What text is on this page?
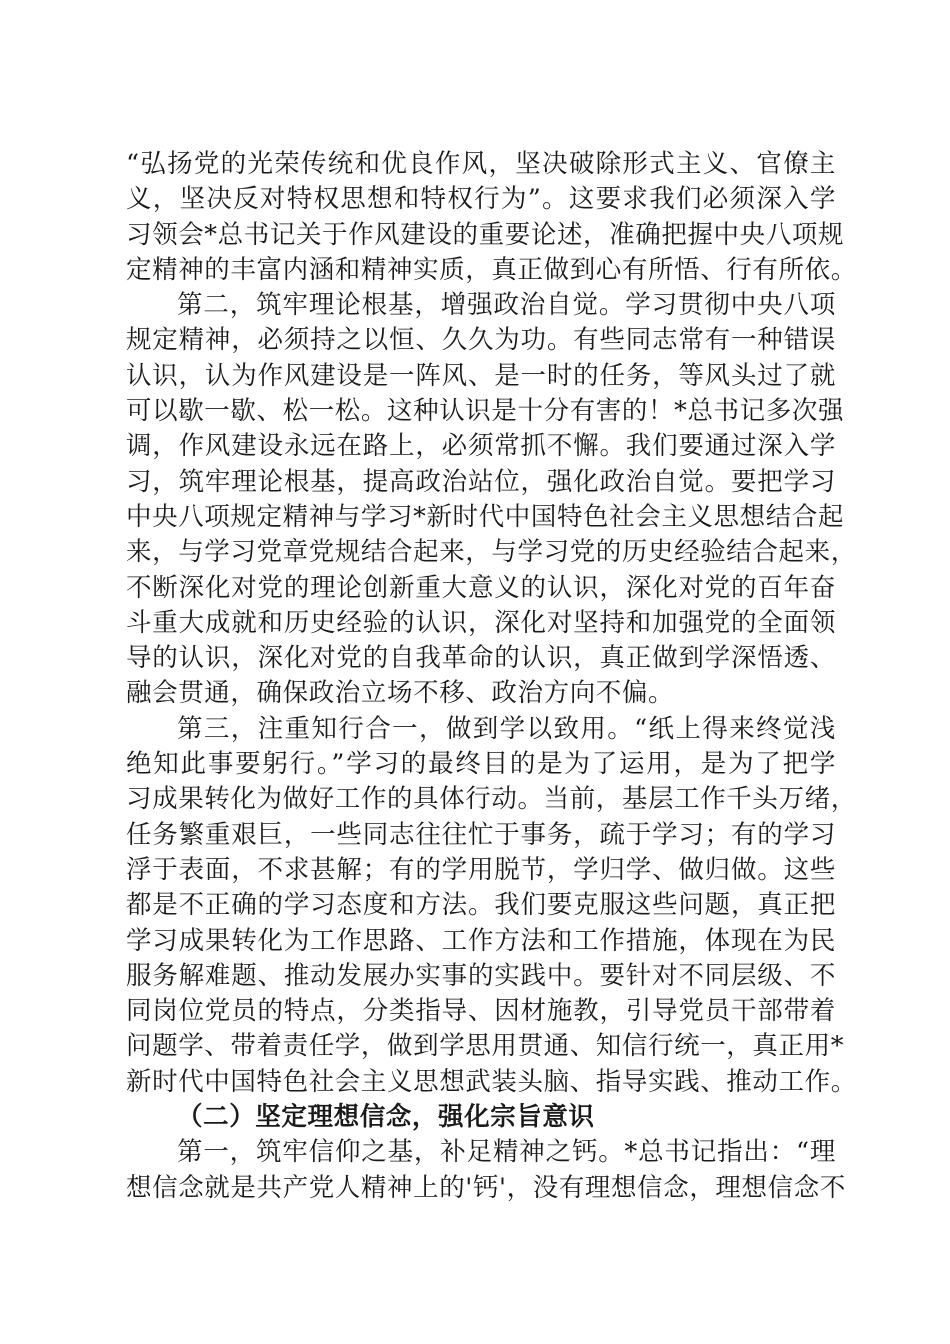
“弘扬党的光荣传统和优良作风，坚决破除形式主义、官僚主
义，坚决反对特权思想和特权行为”。这要求我们必须深入学
习领会*总书记关于作风建设的重要论述，准确把握中央八项规
定精神的丰富内涵和精神实质，真正做到心有所悟、行有所依。
第二，筑牢理论根基，增强政治自觉。学习贯彻中央八项
规定精神，必须持之以恒、久久为功。有些同志常有一种错误
认识，认为作风建设是一阵风、是一时的任务，等风头过了就
可以歇一歇、松一松。这种认识是十分有害的！*总书记多次强
调，作风建设永远在路上，必须常抓不懈。我们要通过深入学
习，筑牢理论根基，提高政治站位，强化政治自觉。要把学习
中央八项规定精神与学习*新时代中国特色社会主义思想结合起
来，与学习党章党规结合起来，与学习党的历史经验结合起来，
不断深化对党的理论创新重大意义的认识，深化对党的百年奋
斗重大成就和历史经验的认识，深化对坚持和加强党的全面领
导的认识，深化对党的自我革命的认识，真正做到学深悟透、
融会贯通，确保政治立场不移、政治方向不偏。
第三，注重知行合一，做到学以致用。“纸上得来终觉浅
绝知此事要躬行。”学习的最终目的是为了运用，是为了把学
习成果转化为做好工作的具体行动。当前，基层工作千头万绪，
任务繁重艰巨，一些同志往往忙于事务，疏于学习；有的学习
浮于表面，不求甚解；有的学用脱节，学归学、做归做。这些
都是不正确的学习态度和方法。我们要克服这些问题，真正把
学习成果转化为工作思路、工作方法和工作措施，体现在为民
服务解难题、推动发展办实事的实践中。要针对不同层级、不
同岗位党员的特点，分类指导、因材施教，引导党员干部带着
问题学、带着责任学，做到学思用贯通、知信行统一，真正用*
新时代中国特色社会主义思想武装头脑、指导实践、推动工作。
（二）坚定理想信念，强化宗旨意识
第一，筑牢信仰之基，补足精神之钙。*总书记指出：“理
想信念就是共产党人精神上的'钙'，没有理想信念，理想信念不
